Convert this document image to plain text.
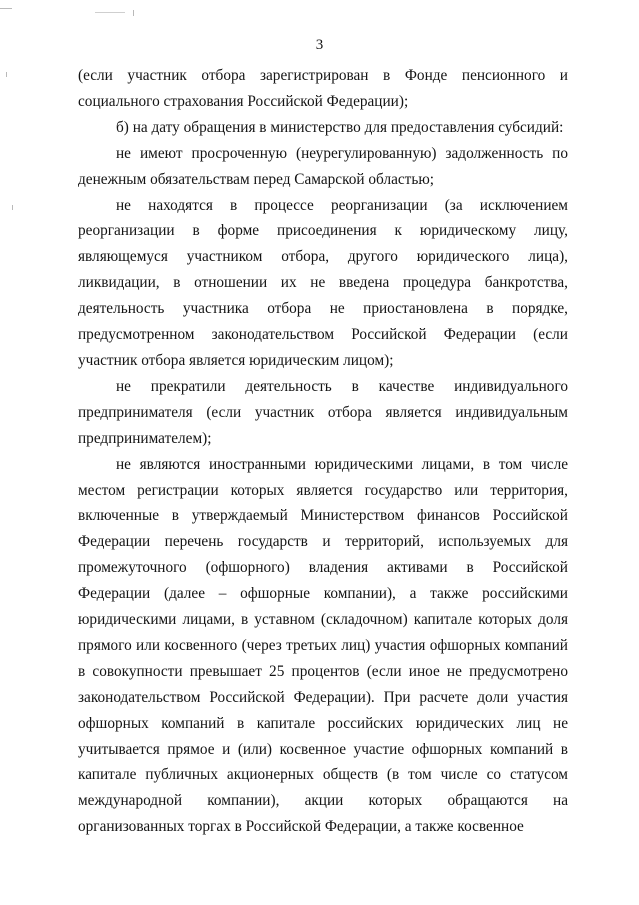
3

(если участник отбора зарегистрирован в Фонде пенсионного и социального страхования Российской Федерации);

б) на дату обращения в министерство для предоставления субсидий:

не имеют просроченную (неурегулированную) задолженность по денежным обязательствам перед Самарской областью;

не находятся в процессе реорганизации (за исключением реорганизации в форме присоединения к юридическому лицу, являющемуся участником отбора, другого юридического лица), ликвидации, в отношении их не введена процедура банкротства, деятельность участника отбора не приостановлена в порядке, предусмотренном законодательством Российской Федерации (если участник отбора является юридическим лицом);

не прекратили деятельность в качестве индивидуального предпринимателя (если участник отбора является индивидуальным предпринимателем);

не являются иностранными юридическими лицами, в том числе местом регистрации которых является государство или территория, включенные в утверждаемый Министерством финансов Российской Федерации перечень государств и территорий, используемых для промежуточного (офшорного) владения активами в Российской Федерации (далее – офшорные компании), а также российскими юридическими лицами, в уставном (складочном) капитале которых доля прямого или косвенного (через третьих лиц) участия офшорных компаний в совокупности превышает 25 процентов (если иное не предусмотрено законодательством Российской Федерации). При расчете доли участия офшорных компаний в капитале российских юридических лиц не учитывается прямое и (или) косвенное участие офшорных компаний в капитале публичных акционерных обществ (в том числе со статусом международной компании), акции которых обращаются на организованных торгах в Российской Федерации, а также косвенное
